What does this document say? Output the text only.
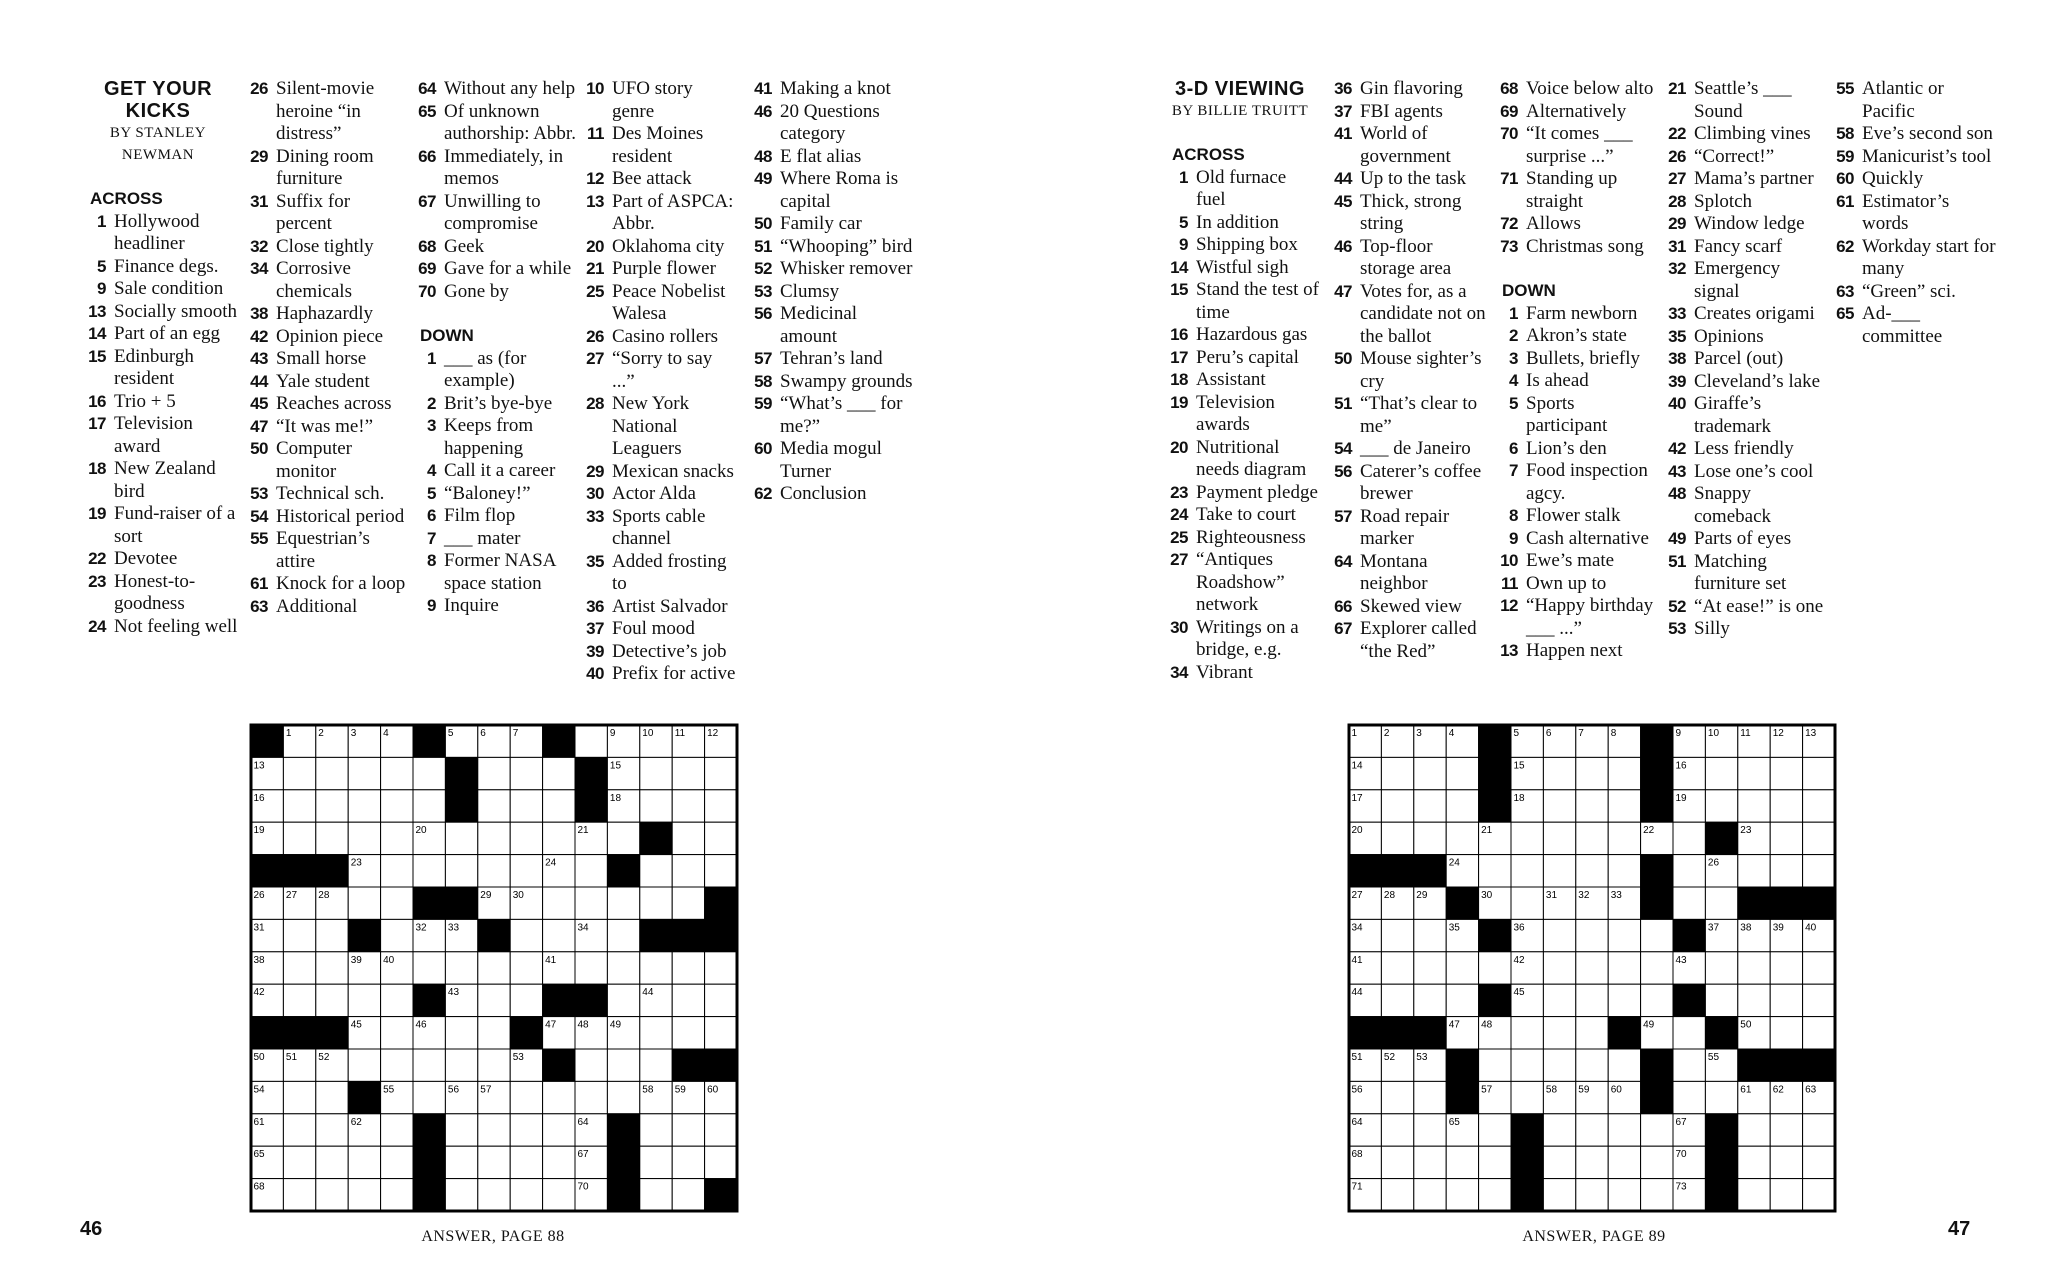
GET YOUR KICKS
BY STANLEY NEWMAN
ACROSS
1 Hollywood headliner
5 Finance degs.
9 Sale condition
13 Socially smooth
14 Part of an egg
15 Edinburgh resident
16 Trio + 5
17 Television award
18 New Zealand bird
19 Fund-raiser of a sort
22 Devotee
23 Honest-to-goodness
24 Not feeling well
26 Silent-movie heroine “in distress”
29 Dining room furniture
31 Suffix for percent
32 Close tightly
34 Corrosive chemicals
38 Haphazardly
42 Opinion piece
43 Small horse
44 Yale student
45 Reaches across
47 “It was me!”
50 Computer monitor
53 Technical sch.
54 Historical period
55 Equestrian’s attire
61 Knock for a loop
63 Additional
64 Without any help
65 Of unknown authorship: Abbr.
66 Immediately, in memos
67 Unwilling to compromise
68 Geek
69 Gave for a while
70 Gone by
DOWN
1 ___ as (for example)
2 Brit’s bye-bye
3 Keeps from happening
4 Call it a career
5 “Baloney!”
6 Film flop
7 ___ mater
8 Former NASA space station
9 Inquire
10 UFO story genre
11 Des Moines resident
12 Bee attack
13 Part of ASPCA: Abbr.
20 Oklahoma city
21 Purple flower
25 Peace Nobelist Walesa
26 Casino rollers
27 “Sorry to say ...”
28 New York National Leaguers
29 Mexican snacks
30 Actor Alda
33 Sports cable channel
35 Added frosting to
36 Artist Salvador
37 Foul mood
39 Detective’s job
40 Prefix for active
41 Making a knot
46 20 Questions category
48 E flat alias
49 Where Roma is capital
50 Family car
51 “Whooping” bird
52 Whisker remover
53 Clumsy
56 Medicinal amount
57 Tehran’s land
58 Swampy grounds
59 “What’s ___ for me?”
60 Media mogul Turner
62 Conclusion
1	2	3	4	5	6	7	8	9	10 11 12
13	14	15
16	17	18
19	20	21	22
23	24	25
26 27 28	29 30
31	32 33	34	35 36 37
38	39 40	41
42	43	44
45	46	47 48 49
50 51 52	53
54	55	56 57	58 59 60
61	62	63	64
65	66	67
68	69	70
46	ANSWER, PAGE 88
3-D VIEWING
BY BILLIE TRUITT
ACROSS
1 Old furnace fuel
5 In addition
9 Shipping box
14 Wistful sigh
15 Stand the test of time
16 Hazardous gas
17 Peru’s capital
18 Assistant
19 Television awards
20 Nutritional needs diagram
23 Payment pledge
24 Take to court
25 Righteousness
27 “Antiques Roadshow” network
30 Writings on a bridge, e.g.
34 Vibrant
36 Gin flavoring
37 FBI agents
41 World of government
44 Up to the task
45 Thick, strong string
46 Top-floor storage area
47 Votes for, as a candidate not on the ballot
50 Mouse sighter’s cry
51 “That’s clear to me”
54 ___ de Janeiro
56 Caterer’s coffee brewer
57 Road repair marker
64 Montana neighbor
66 Skewed view
67 Explorer called “the Red”
68 Voice below alto
69 Alternatively
70 “It comes ___ surprise ...”
71 Standing up straight
72 Allows
73 Christmas song
DOWN
1 Farm newborn
2 Akron’s state
3 Bullets, briefly
4 Is ahead
5 Sports participant
6 Lion’s den
7 Food inspection agcy.
8 Flower stalk
9 Cash alternative
10 Ewe’s mate
11 Own up to
12 “Happy birthday ___ ...”
13 Happen next
21 Seattle’s ___ Sound
22 Climbing vines
26 “Correct!”
27 Mama’s partner
28 Splotch
29 Window ledge
31 Fancy scarf
32 Emergency signal
33 Creates origami
35 Opinions
38 Parcel (out)
39 Cleveland’s lake
40 Giraffe’s trademark
42 Less friendly
43 Lose one’s cool
48 Snappy comeback
49 Parts of eyes
51 Matching furniture set
52 “At ease!” is one
53 Silly
55 Atlantic or Pacific
58 Eve’s second son
59 Manicurist’s tool
60 Quickly
61 Estimator’s words
62 Workday start for many
63 “Green” sci.
65 Ad-___ committee
1	2	3	4	5	6	7	8	9	10 11 12 13
14	15	16
17	18	19
20	21	22	23
24	25	26
27 28 29	30	31 32 33
34	35	36	37 38 39 40
41	42	43
44	45	46
47 48	49	50
51 52 53	54	55
56	57	58 59 60	61 62 63
64	65	66	67
68	69	70
71	72	73
47
ANSWER, PAGE 89
